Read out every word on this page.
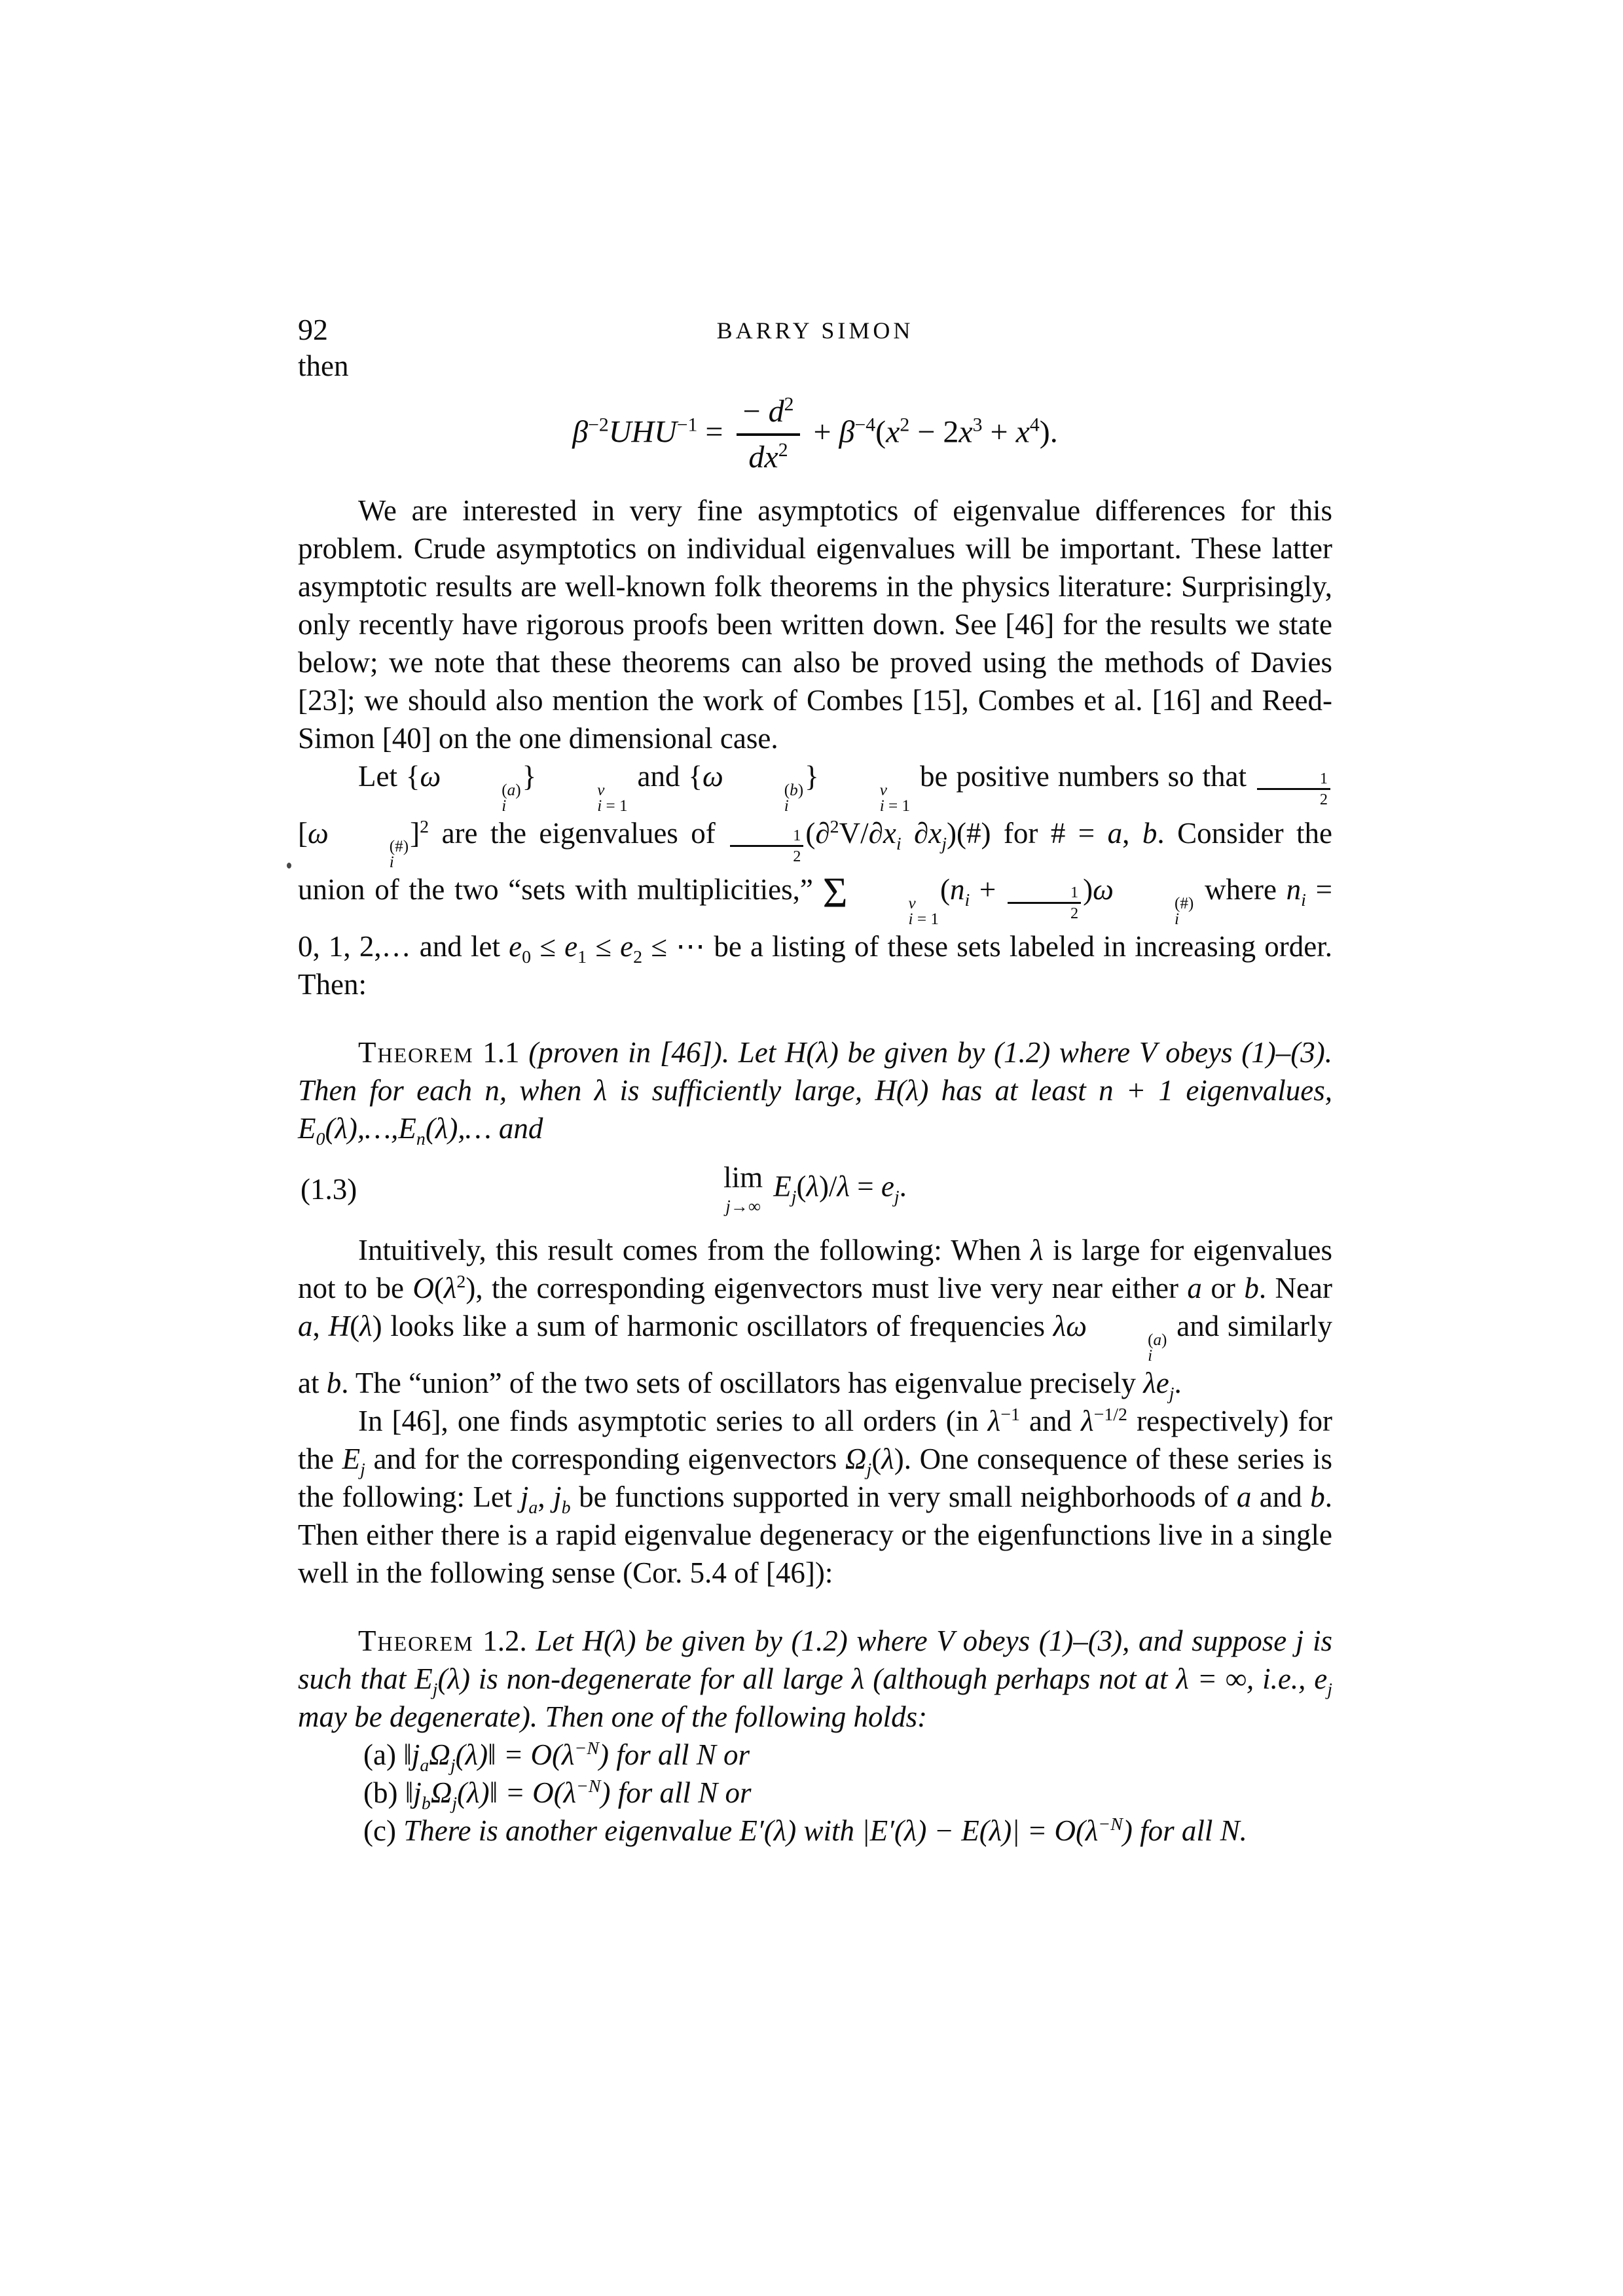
92	BARRY SIMON

then

$\beta^{-2}UHU^{-1} = \frac{- d^2}{dx^2} + \beta^{-4}(x^2 - 2x^3 + x^4)$.

We are interested in very fine asymptotics of eigenvalue differences for this problem. Crude asymptotics on individual eigenvalues will be important. These latter asymptotic results are well-known folk theorems in the physics literature: Surprisingly, only recently have rigorous proofs been written down. See [46] for the results we state below; we note that these theorems can also be proved using the methods of Davies [23]; we should also mention the work of Combes [15], Combes et al. [16] and Reed-Simon [40] on the one dimensional case.

Let {ω	(a)
i
}	ν
i = 1
and {ω	(b)
i
}	ν
i = 1
be positive numbers so that $\frac{1}{2}$
[ω	(#)
i
]$^2$ are the eigenvalues of $\frac{1}{2} (\partial^2V/\partial x_i$ $\partial x_j)(\#)$ for # = a, b. Consider the union of the two “sets with multiplicities,” Σ	ν
i = 1
$(n_i + \frac{1}{2} )\omega$	(#)
i
where $n_i = 0$, 1, 2,… and let $e_0 \le e_1 \le e_2$ ≤ ⋯ be a listing of these sets labeled in increasing order. Then:

Theorem 1.1 (proven in [46]). Let H(λ) be given by (1.2) where V obeys (1)–(3). Then for each n, when λ is sufficiently large, H(λ) has at least n + 1 eigenvalues, $E_0(\lambda),\dots,E_n(\lambda),\dots$ and

(1.3)	lim
j→∞
$E_j(\lambda)/\lambda = e_j$.

Intuitively, this result comes from the following: When λ is large for eigenvalues not to be $O(\lambda^2)$, the corresponding eigenvectors must live very near either a or b. Near a, H(λ) looks like a sum of harmonic oscillators of frequencies λω	(a)
i
and similarly at b. The “union” of the two sets of oscillators has eigenvalue precisely $\lambda e_j$.

In [46], one finds asymptotic series to all orders (in $\lambda^{-1}$ and $\lambda^{-1/2}$ respectively) for the $E_j$ and for the corresponding eigenvectors $\Omega_j(\lambda)$. One consequence of these series is the following: Let $j_a$, $j_b$ be functions supported in very small neighborhoods of a and b. Then either there is a rapid eigenvalue degeneracy or the eigenfunctions live in a single well in the following sense (Cor. 5.4 of [46]):

Theorem 1.2. Let H(λ) be given by (1.2) where V obeys (1)–(3), and suppose j is such that $E_j(\lambda)$ is non-degenerate for all large λ (although perhaps not at λ = ∞, i.e., $e_j$ may be degenerate). Then one of the following holds:

(a) $‖j_a\Omega_j(\lambda)‖ = O(\lambda^{-N})$ for all N or

(b) $‖j_b\Omega_j(\lambda)‖ = O(\lambda^{-N})$ for all N or

(c) There is another eigenvalue E′(λ) with $|E'(\lambda) - E(\lambda)| = O(\lambda^{-N})$ for all N.
